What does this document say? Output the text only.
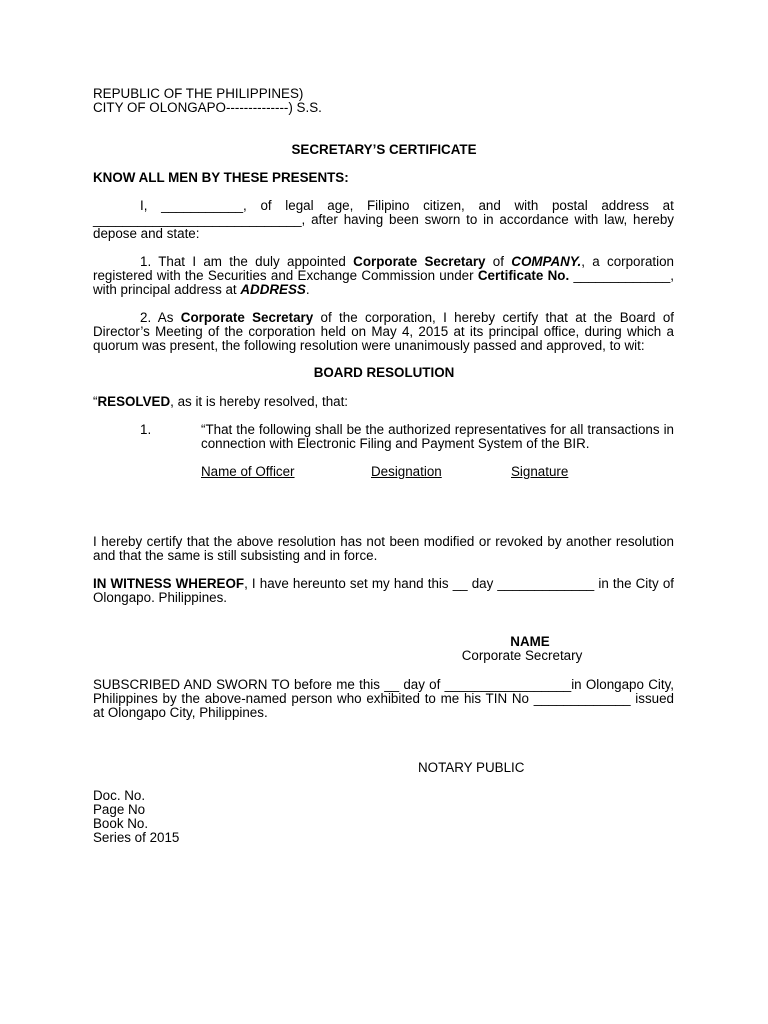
REPUBLIC OF THE PHILIPPINES)
CITY OF OLONGAPO--------------) S.S.
SECRETARY’S CERTIFICATE
KNOW ALL MEN BY THESE PRESENTS:
I, ___________, of legal age, Filipino citizen, and with postal address at
____________________________, after having been sworn to in accordance with law, hereby
depose and state:
1. That I am the duly appointed Corporate Secretary of COMPANY., a corporation registered with the Securities and Exchange Commission under Certificate No. _____________, with principal address at ADDRESS.
2. As Corporate Secretary of the corporation, I hereby certify that at the Board of Director’s Meeting of the corporation held on May 4, 2015 at its principal office, during which a quorum was present, the following resolution were unanimously passed and approved, to wit:
BOARD RESOLUTION
“RESOLVED, as it is hereby resolved, that:
1.	“That the following shall be the authorized representatives for all transactions in connection with Electronic Filing and Payment System of the BIR.
Name of Officer	Designation	Signature
I hereby certify that the above resolution has not been modified or revoked by another resolution and that the same is still subsisting and in force.
IN WITNESS WHEREOF, I have hereunto set my hand this __ day _____________ in the City of Olongapo. Philippines.
NAME
Corporate Secretary
SUBSCRIBED AND SWORN TO before me this __ day of _________________in Olongapo City, Philippines by the above-named person who exhibited to me his TIN No _____________ issued at Olongapo City, Philippines.
NOTARY PUBLIC
Doc. No.
Page No
Book No.
Series of 2015
